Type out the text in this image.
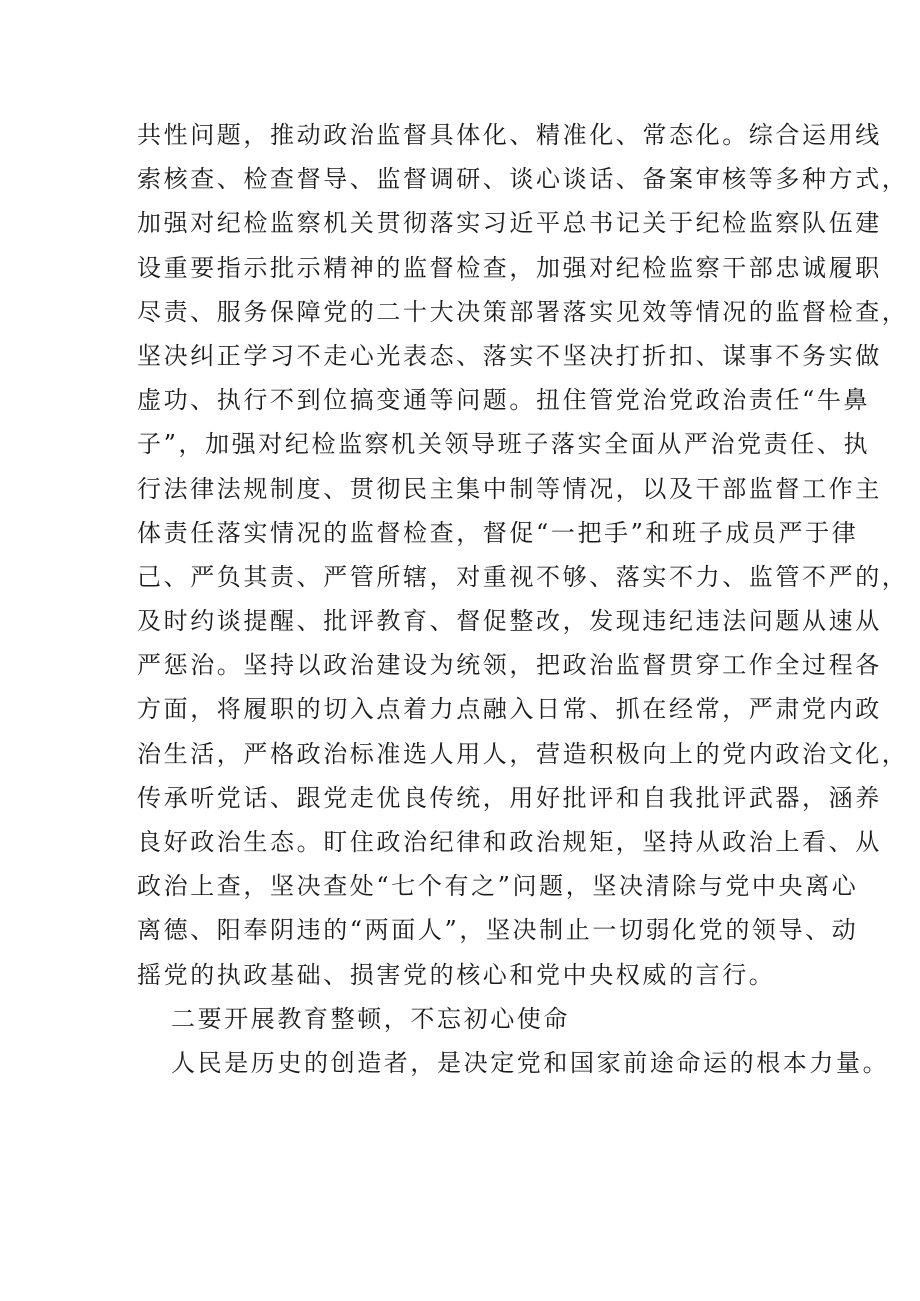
共性问题，推动政治监督具体化、精准化、常态化。综合运用线

索核查、检查督导、监督调研、谈心谈话、备案审核等多种方式，

加强对纪检监察机关贯彻落实习近平总书记关于纪检监察队伍建

设重要指示批示精神的监督检查，加强对纪检监察干部忠诚履职

尽责、服务保障党的二十大决策部署落实见效等情况的监督检查，

坚决纠正学习不走心光表态、落实不坚决打折扣、谋事不务实做

虚功、执行不到位搞变通等问题。扭住管党治党政治责任“牛鼻

子”，加强对纪检监察机关领导班子落实全面从严治党责任、执

行法律法规制度、贯彻民主集中制等情况，以及干部监督工作主

体责任落实情况的监督检查，督促“一把手”和班子成员严于律

己、严负其责、严管所辖，对重视不够、落实不力、监管不严的，

及时约谈提醒、批评教育、督促整改，发现违纪违法问题从速从

严惩治。坚持以政治建设为统领，把政治监督贯穿工作全过程各

方面，将履职的切入点着力点融入日常、抓在经常，严肃党内政

治生活，严格政治标准选人用人，营造积极向上的党内政治文化，

传承听党话、跟党走优良传统，用好批评和自我批评武器，涵养

良好政治生态。盯住政治纪律和政治规矩，坚持从政治上看、从

政治上查，坚决查处“七个有之”问题，坚决清除与党中央离心

离德、阳奉阴违的“两面人”，坚决制止一切弱化党的领导、动

摇党的执政基础、损害党的核心和党中央权威的言行。

二要开展教育整顿，不忘初心使命

人民是历史的创造者，是决定党和国家前途命运的根本力量。
